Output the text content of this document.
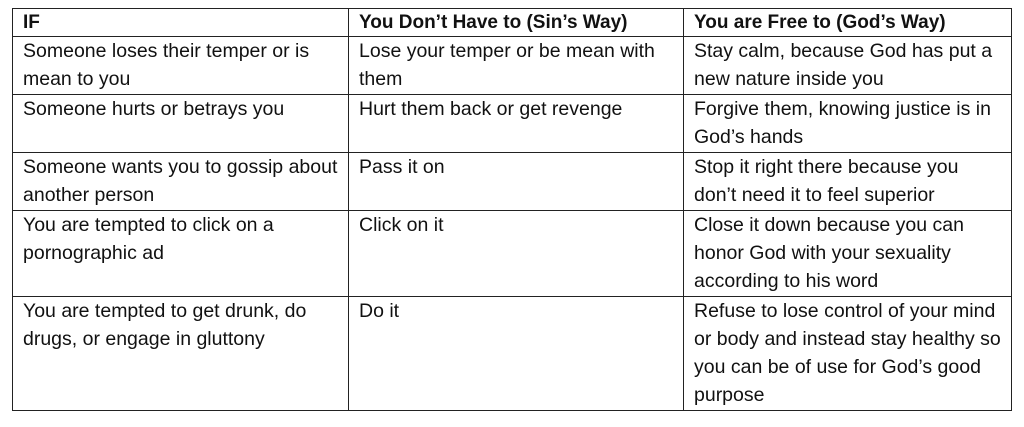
IF	You Don’t Have to (Sin’s Way)	You are Free to (God’s Way)
Someone loses their temper or is mean to you	Lose your temper or be mean with them	Stay calm, because God has put a new nature inside you
Someone hurts or betrays you	Hurt them back or get revenge	Forgive them, knowing justice is in God’s hands
Someone wants you to gossip about another person	Pass it on	Stop it right there because you don’t need it to feel superior
You are tempted to click on a pornographic ad	Click on it	Close it down because you can honor God with your sexuality according to his word
You are tempted to get drunk, do drugs, or engage in gluttony	Do it	Refuse to lose control of your mind or body and instead stay healthy so you can be of use for God’s good purpose
